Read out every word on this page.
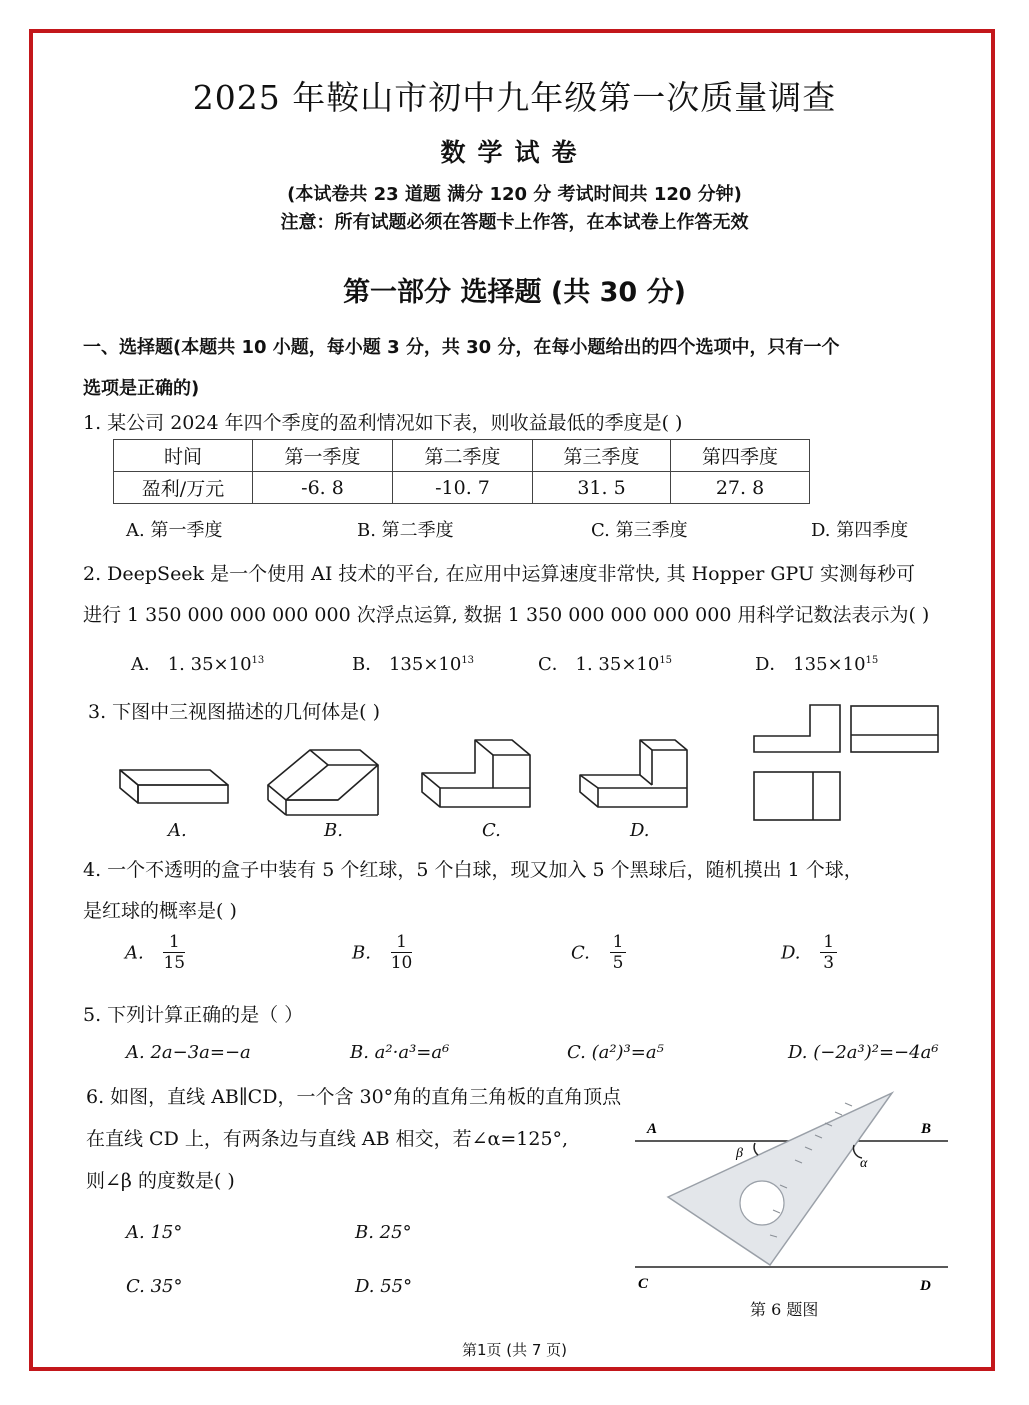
2025 年鞍山市初中九年级第一次质量调查
数学试卷
(本试卷共 23 道题 满分 120 分 考试时间共 120 分钟)
注意：所有试题必须在答题卡上作答，在本试卷上作答无效
第一部分 选择题 (共 30 分)
一、选择题(本题共 10 小题，每小题 3 分，共 30 分，在每小题给出的四个选项中，只有一个
选项是正确的)
1. 某公司 2024 年四个季度的盈利情况如下表，则收益最低的季度是( )
时间	第一季度	第二季度	第三季度	第四季度
盈利/万元	-6. 8	-10. 7	31. 5	27. 8
A. 第一季度	B. 第二季度	C. 第三季度	D. 第四季度
2. DeepSeek 是一个使用 AI 技术的平台, 在应用中运算速度非常快, 其 Hopper GPU 实测每秒可
进行 1 350 000 000 000 000 次浮点运算, 数据 1 350 000 000 000 000 用科学记数法表示为( )
A． 1. $35\times 10^{13}$	B． $135\times 10^{13}$	C． 1. $35\times 10^{15}$	D． $135\times 10^{15}$
3. 下图中三视图描述的几何体是( )
A.	B.	C.	D.
4. 一个不透明的盒子中装有 5 个红球，5 个白球，现又加入 5 个黑球后，随机摸出 1 个球，
是红球的概率是( )
A. $\frac{1}{15}$	B. $\frac{1}{10}$	C. $\frac{1}{5}$	D. $\frac{1}{3}$
5. 下列计算正确的是（ ）
A. 2a−3a=−a	B. a²·a³=a⁶	C. (a²)³=a⁵	D. (−2a³)²=−4a⁶
6. 如图，直线 AB∥CD，一个含 30°角的直角三角板的直角顶点
在直线 CD 上，有两条边与直线 AB 相交，若∠α=125°,
则∠β 的度数是( )
A. 15°	B. 25°
C. 35°	D. 55°
A	B
C	D
α
β
第 6 题图
第1页 (共 7 页)
